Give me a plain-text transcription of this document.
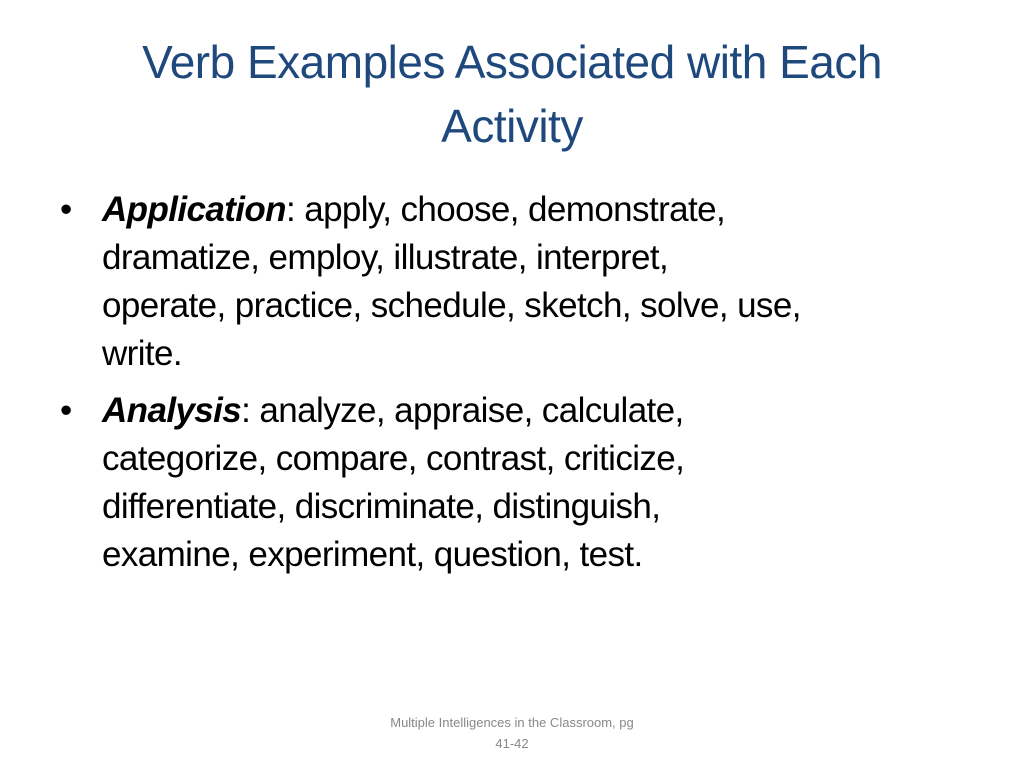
Verb Examples Associated with Each
Activity
• Application: apply, choose, demonstrate,
dramatize, employ, illustrate, interpret,
operate, practice, schedule, sketch, solve, use,
write.
• Analysis: analyze, appraise, calculate,
categorize, compare, contrast, criticize,
differentiate, discriminate, distinguish,
examine, experiment, question, test.
Multiple Intelligences in the Classroom, pg
41-42
